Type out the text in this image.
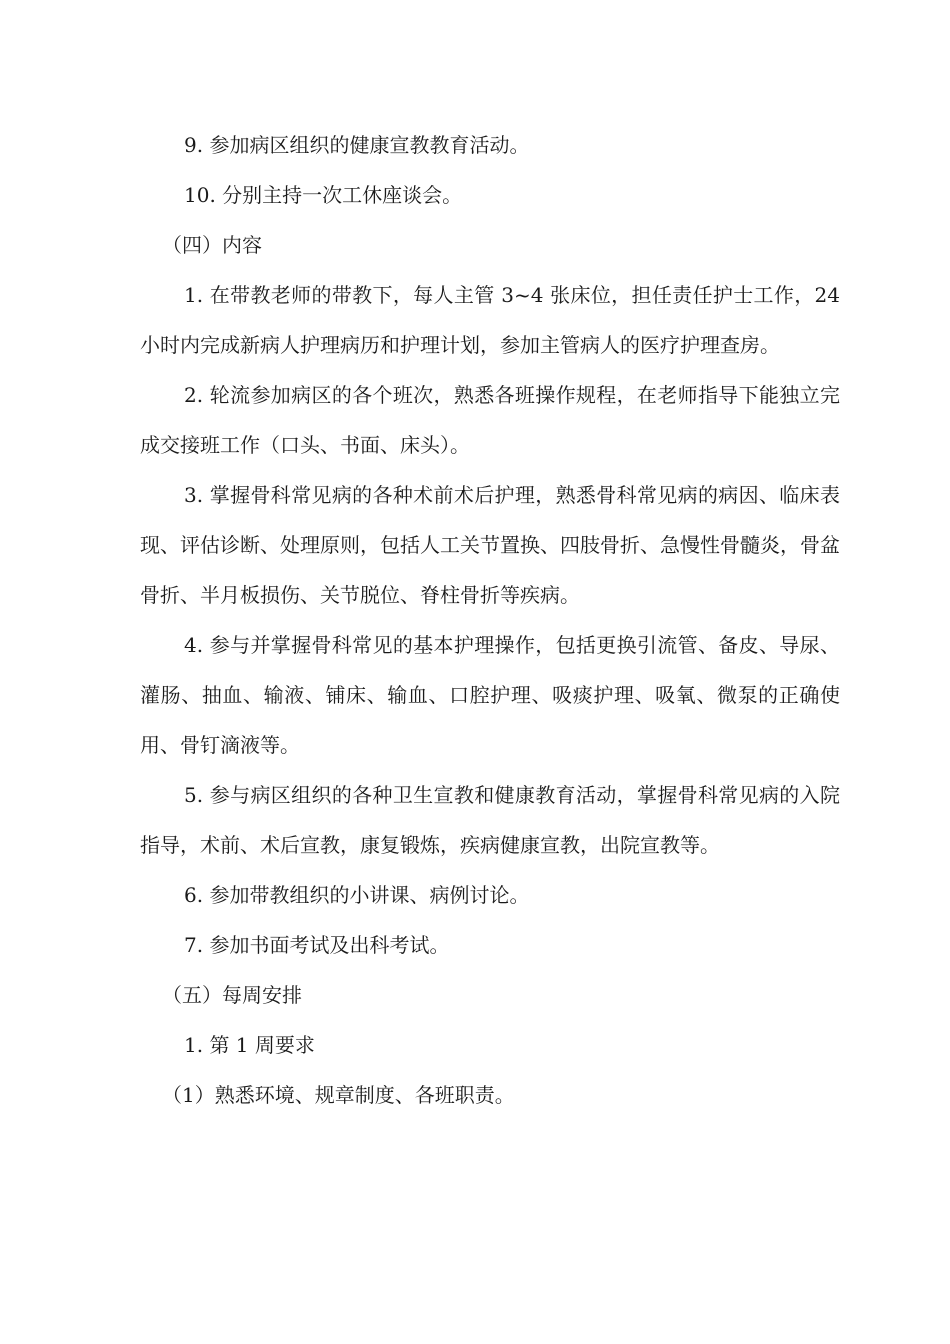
9. 参加病区组织的健康宣教教育活动。

10. 分别主持一次工休座谈会。

（四）内容

1. 在带教老师的带教下，每人主管 3~4 张床位，担任责任护士工作，24 小时内完成新病人护理病历和护理计划，参加主管病人的医疗护理查房。

2. 轮流参加病区的各个班次，熟悉各班操作规程，在老师指导下能独立完成交接班工作（口头、书面、床头）。

3. 掌握骨科常见病的各种术前术后护理，熟悉骨科常见病的病因、临床表现、评估诊断、处理原则，包括人工关节置换、四肢骨折、急慢性骨髓炎，骨盆骨折、半月板损伤、关节脱位、脊柱骨折等疾病。

4. 参与并掌握骨科常见的基本护理操作，包括更换引流管、备皮、导尿、灌肠、抽血、输液、铺床、输血、口腔护理、吸痰护理、吸氧、微泵的正确使用、骨钉滴液等。

5. 参与病区组织的各种卫生宣教和健康教育活动，掌握骨科常见病的入院指导，术前、术后宣教，康复锻炼，疾病健康宣教，出院宣教等。

6. 参加带教组织的小讲课、病例讨论。

7. 参加书面考试及出科考试。

（五）每周安排

1. 第 1 周要求

（1）熟悉环境、规章制度、各班职责。
